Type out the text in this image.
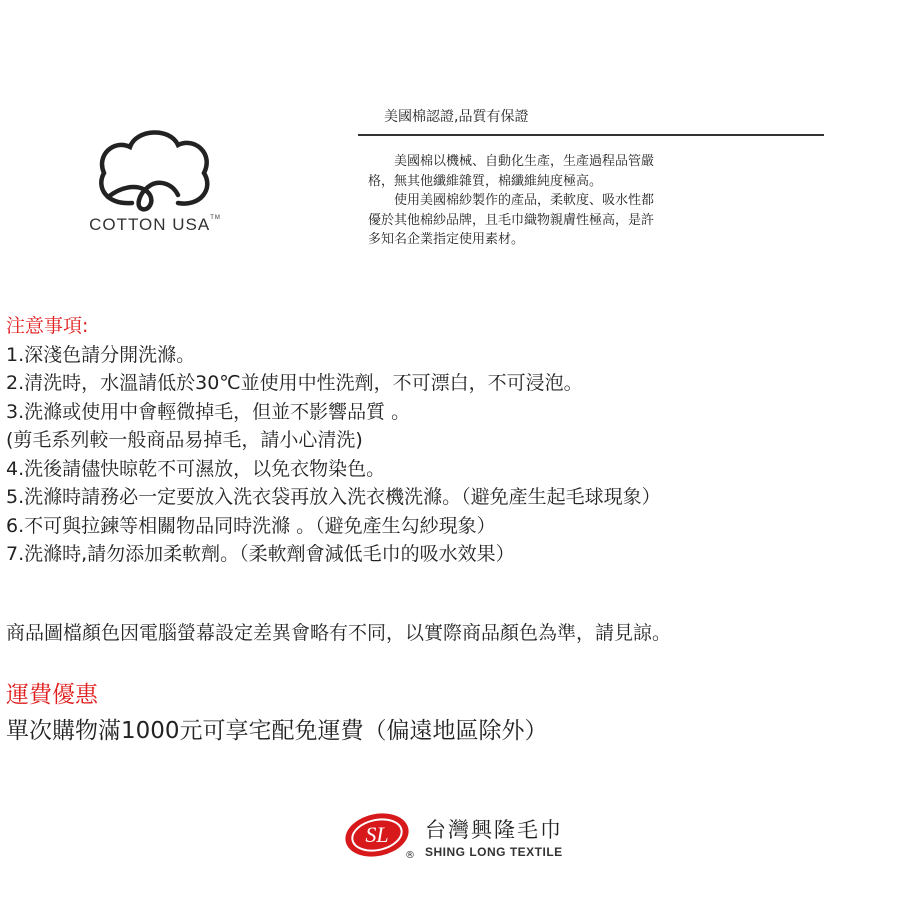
COTTON USA™
美國棉認證,品質有保證

美國棉以機械、自動化生產，生產過程品管嚴

格，無其他纖維雜質，棉纖維純度極高。

使用美國棉紗製作的產品，柔軟度、吸水性都

優於其他棉紗品牌，且毛巾織物親膚性極高，是許

多知名企業指定使用素材。

注意事項:
1.深淺色請分開洗滌。
2.清洗時，水溫請低於30℃並使用中性洗劑，不可漂白，不可浸泡。
3.洗滌或使用中會輕微掉毛，但並不影響品質 。
(剪毛系列較一般商品易掉毛，請小心清洗)
4.洗後請儘快晾乾不可濕放，以免衣物染色。
5.洗滌時請務必一定要放入洗衣袋再放入洗衣機洗滌。（避免產生起毛球現象）
6.不可與拉鍊等相關物品同時洗滌 。（避免產生勾紗現象）
7.洗滌時,請勿添加柔軟劑。（柔軟劑會減低毛巾的吸水效果）
商品圖檔顏色因電腦螢幕設定差異會略有不同，以實際商品顏色為準，請見諒。
運費優惠
單次購物滿1000元可享宅配免運費（偏遠地區除外）
SL
®
台灣興隆毛巾
SHING LONG TEXTILE
